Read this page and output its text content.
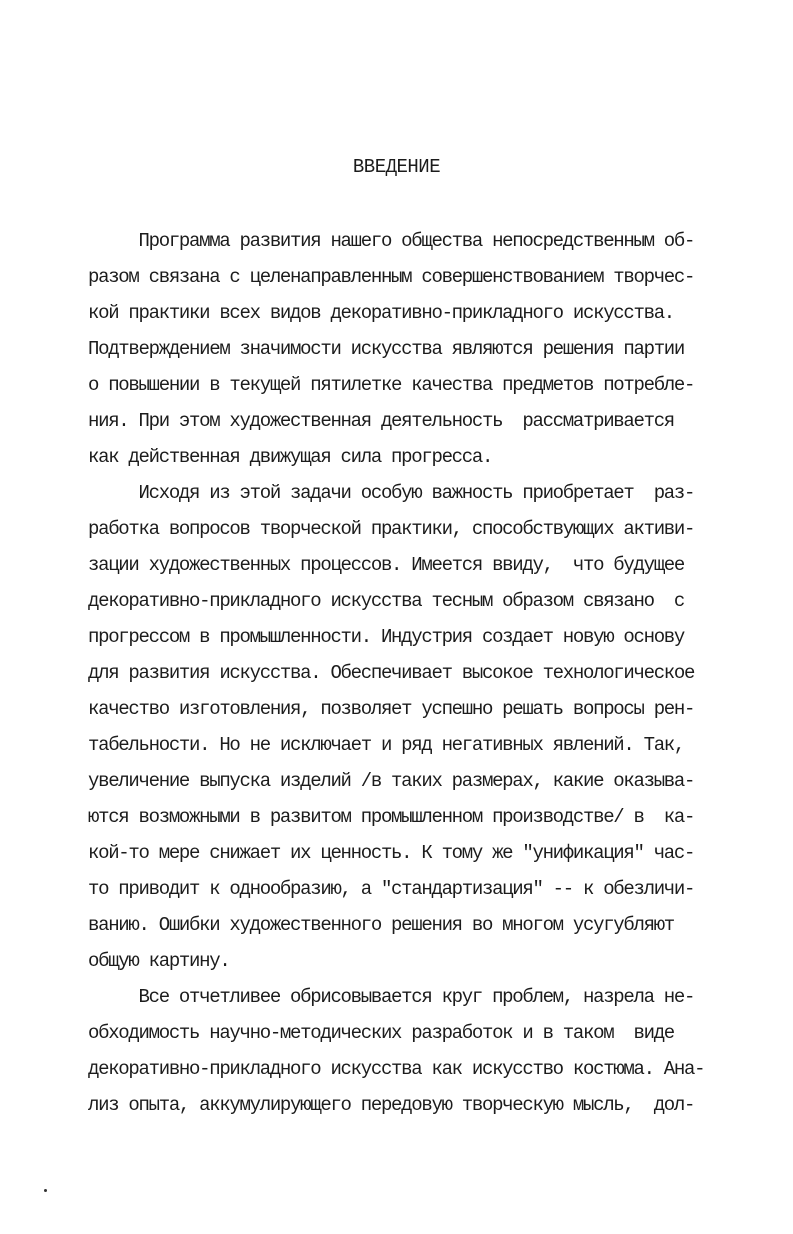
ВВЕДЕНИЕ
Программа развития нашего общества непосредственным об-
разом связана с целенаправленным совершенствованием творчес-
кой практики всех видов декоративно-прикладного искусства.
Подтверждением значимости искусства являются решения партии
о повышении в текущей пятилетке качества предметов потребле-
ния. При этом художественная деятельность  рассматривается
как действенная движущая сила прогресса.
Исходя из этой задачи особую важность приобретает  раз-
работка вопросов творческой практики, способствующих активи-
зации художественных процессов. Имеется ввиду,  что будущее
декоративно-прикладного искусства тесным образом связано  с
прогрессом в промышленности. Индустрия создает новую основу
для развития искусства. Обеспечивает высокое технологическое
качество изготовления, позволяет успешно решать вопросы рен-
табельности. Но не исключает и ряд негативных явлений. Так,
увеличение выпуска изделий /в таких размерах, какие оказыва-
ются возможными в развитом промышленном производстве/ в  ка-
кой-то мере снижает их ценность. К тому же "унификация" час-
то приводит к однообразию, а "стандартизация" -- к обезличи-
ванию. Ошибки художественного решения во многом усугубляют
общую картину.
Все отчетливее обрисовывается круг проблем, назрела не-
обходимость научно-методических разработок и в таком  виде
декоративно-прикладного искусства как искусство костюма. Ана-
лиз опыта, аккумулирующего передовую творческую мысль,  дол-
